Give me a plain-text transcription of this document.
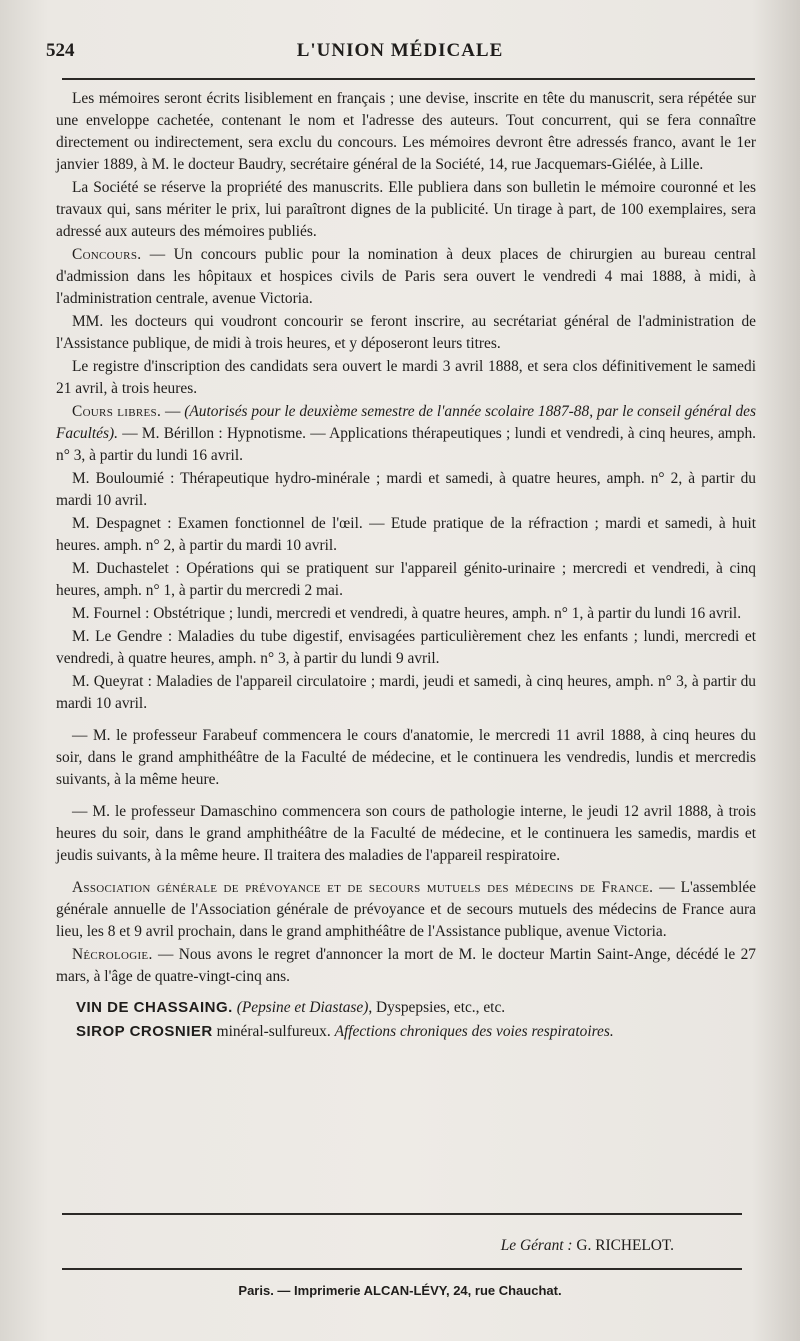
524	L'UNION MÉDICALE

Les mémoires seront écrits lisiblement en français ; une devise, inscrite en tête du manuscrit, sera répétée sur une enveloppe cachetée, contenant le nom et l'adresse des auteurs. Tout concurrent, qui se fera connaître directement ou indirectement, sera exclu du concours. Les mémoires devront être adressés franco, avant le 1er janvier 1889, à M. le docteur Baudry, secrétaire général de la Société, 14, rue Jacquemars-Giélée, à Lille.

La Société se réserve la propriété des manuscrits. Elle publiera dans son bulletin le mémoire couronné et les travaux qui, sans mériter le prix, lui paraîtront dignes de la publicité. Un tirage à part, de 100 exemplaires, sera adressé aux auteurs des mémoires publiés.

Concours. — Un concours public pour la nomination à deux places de chirurgien au bureau central d'admission dans les hôpitaux et hospices civils de Paris sera ouvert le vendredi 4 mai 1888, à midi, à l'administration centrale, avenue Victoria.

MM. les docteurs qui voudront concourir se feront inscrire, au secrétariat général de l'administration de l'Assistance publique, de midi à trois heures, et y déposeront leurs titres.

Le registre d'inscription des candidats sera ouvert le mardi 3 avril 1888, et sera clos définitivement le samedi 21 avril, à trois heures.

Cours libres. — (Autorisés pour le deuxième semestre de l'année scolaire 1887-88, par le conseil général des Facultés). — M. Bérillon : Hypnotisme. — Applications thérapeutiques ; lundi et vendredi, à cinq heures, amph. n° 3, à partir du lundi 16 avril.

M. Bouloumié : Thérapeutique hydro-minérale ; mardi et samedi, à quatre heures, amph. n° 2, à partir du mardi 10 avril.

M. Despagnet : Examen fonctionnel de l'œil. — Etude pratique de la réfraction ; mardi et samedi, à huit heures. amph. n° 2, à partir du mardi 10 avril.

M. Duchastelet : Opérations qui se pratiquent sur l'appareil génito-urinaire ; mercredi et vendredi, à cinq heures, amph. n° 1, à partir du mercredi 2 mai.

M. Fournel : Obstétrique ; lundi, mercredi et vendredi, à quatre heures, amph. n° 1, à partir du lundi 16 avril.

M. Le Gendre : Maladies du tube digestif, envisagées particulièrement chez les enfants ; lundi, mercredi et vendredi, à quatre heures, amph. n° 3, à partir du lundi 9 avril.

M. Queyrat : Maladies de l'appareil circulatoire ; mardi, jeudi et samedi, à cinq heures, amph. n° 3, à partir du mardi 10 avril.

— M. le professeur Farabeuf commencera le cours d'anatomie, le mercredi 11 avril 1888, à cinq heures du soir, dans le grand amphithéâtre de la Faculté de médecine, et le continuera les vendredis, lundis et mercredis suivants, à la même heure.

— M. le professeur Damaschino commencera son cours de pathologie interne, le jeudi 12 avril 1888, à trois heures du soir, dans le grand amphithéâtre de la Faculté de médecine, et le continuera les samedis, mardis et jeudis suivants, à la même heure. Il traitera des maladies de l'appareil respiratoire.

Association générale de prévoyance et de secours mutuels des médecins de France. — L'assemblée générale annuelle de l'Association générale de prévoyance et de secours mutuels des médecins de France aura lieu, les 8 et 9 avril prochain, dans le grand amphithéâtre de l'Assistance publique, avenue Victoria.

Nécrologie. — Nous avons le regret d'annoncer la mort de M. le docteur Martin Saint-Ange, décédé le 27 mars, à l'âge de quatre-vingt-cinq ans.

VIN DE CHASSAING. (Pepsine et Diastase), Dyspepsies, etc., etc.
SIROP CROSNIER minéral-sulfureux. Affections chroniques des voies respiratoires.
Le Gérant : G. RICHELOT.
Paris. — Imprimerie ALCAN-LÉVY, 24, rue Chauchat.
